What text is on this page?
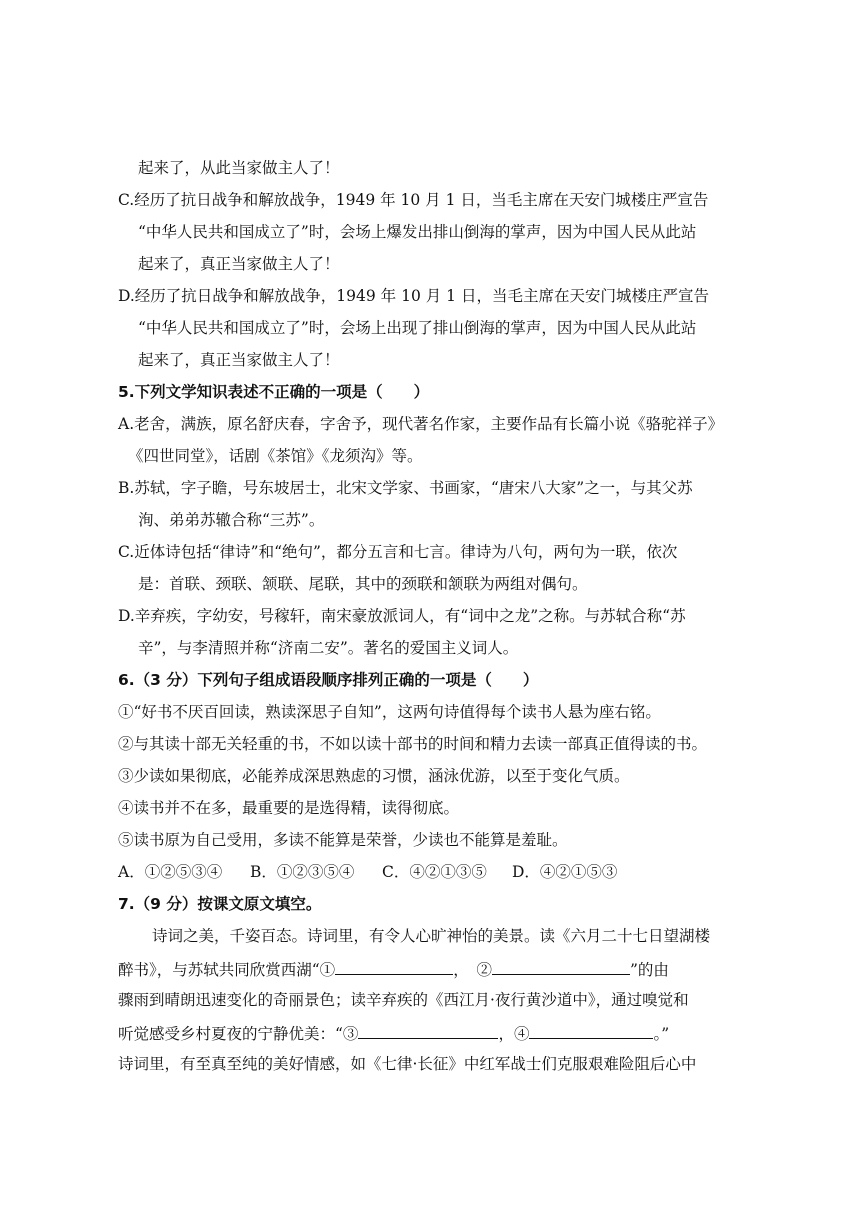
起来了，从此当家做主人了！
C.经历了抗日战争和解放战争，1949 年 10 月 1 日，当毛主席在天安门城楼庄严宣告
“中华人民共和国成立了”时，会场上爆发出排山倒海的掌声，因为中国人民从此站
起来了，真正当家做主人了！
D.经历了抗日战争和解放战争，1949 年 10 月 1 日，当毛主席在天安门城楼庄严宣告
“中华人民共和国成立了”时，会场上出现了排山倒海的掌声，因为中国人民从此站
起来了，真正当家做主人了！
5.下列文学知识表述不正确的一项是（　　）
A.老舍，满族，原名舒庆春，字舍予，现代著名作家，主要作品有长篇小说《骆驼祥子》
《四世同堂》，话剧《茶馆》《龙须沟》等。
B.苏轼，字子瞻，号东坡居士，北宋文学家、书画家，“唐宋八大家”之一，与其父苏
洵、弟弟苏辙合称“三苏”。
C.近体诗包括“律诗”和“绝句”，都分五言和七言。律诗为八句，两句为一联，依次
是：首联、颈联、颔联、尾联，其中的颈联和颔联为两组对偶句。
D.辛弃疾，字幼安，号稼轩，南宋豪放派词人，有“词中之龙”之称。与苏轼合称“苏
辛”，与李清照并称“济南二安”。著名的爱国主义词人。
6.（3 分）下列句子组成语段顺序排列正确的一项是（　　）
①“好书不厌百回读，熟读深思子自知”，这两句诗值得每个读书人悬为座右铭。
②与其读十部无关轻重的书，不如以读十部书的时间和精力去读一部真正值得读的书。
③少读如果彻底，必能养成深思熟虑的习惯，涵泳优游，以至于变化气质。
④读书并不在多，最重要的是选得精，读得彻底。
⑤读书原为自己受用，多读不能算是荣誉，少读也不能算是羞耻。
A．①②⑤③④ B．①②③⑤④ C．④②①③⑤ D．④②①⑤③
7.（9 分）按课文原文填空。
诗词之美，千姿百态。诗词里，有令人心旷神怡的美景。读《六月二十七日望湖楼
醉书》，与苏轼共同欣赏西湖“①	，　②	”的由
骤雨到晴朗迅速变化的奇丽景色；读辛弃疾的《西江月·夜行黄沙道中》，通过嗅觉和
听觉感受乡村夏夜的宁静优美：“③	，④	。”
诗词里，有至真至纯的美好情感，如《七律·长征》中红军战士们克服艰难险阻后心中
